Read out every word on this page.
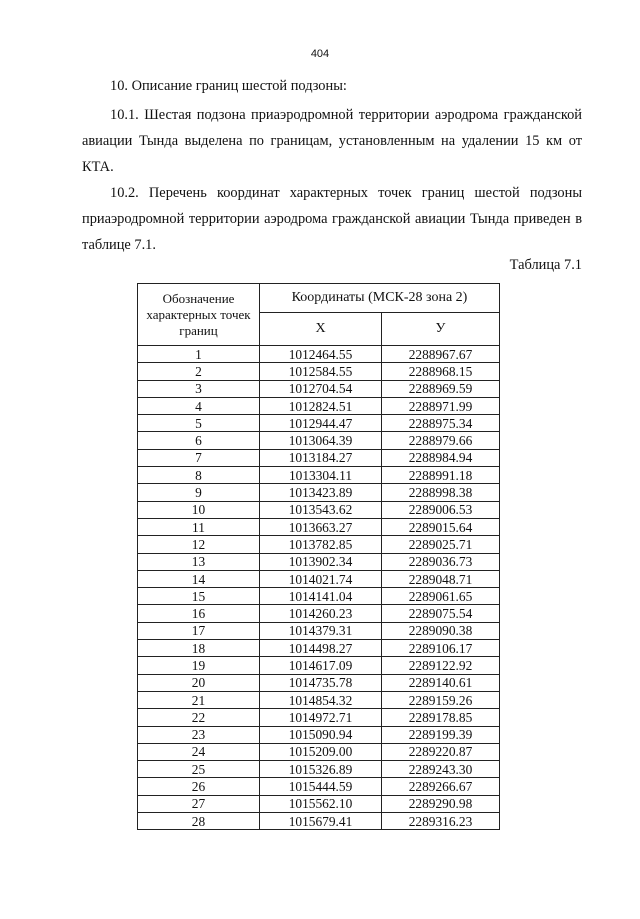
404

10. Описание границ шестой подзоны:

10.1. Шестая подзона приаэродромной территории аэродрома гражданской авиации Тында выделена по границам, установленным на удалении 15 км от КТА.

10.2. Перечень координат характерных точек границ шестой подзоны приаэродромной территории аэродрома гражданской авиации Тында приведен в таблице 7.1.

Таблица 7.1
Обозначение характерных точек границ	Координаты (МСК-28 зона 2)	
	X	У
1	1012464.55	2288967.67
2	1012584.55	2288968.15
3	1012704.54	2288969.59
4	1012824.51	2288971.99
5	1012944.47	2288975.34
6	1013064.39	2288979.66
7	1013184.27	2288984.94
8	1013304.11	2288991.18
9	1013423.89	2288998.38
10	1013543.62	2289006.53
11	1013663.27	2289015.64
12	1013782.85	2289025.71
13	1013902.34	2289036.73
14	1014021.74	2289048.71
15	1014141.04	2289061.65
16	1014260.23	2289075.54
17	1014379.31	2289090.38
18	1014498.27	2289106.17
19	1014617.09	2289122.92
20	1014735.78	2289140.61
21	1014854.32	2289159.26
22	1014972.71	2289178.85
23	1015090.94	2289199.39
24	1015209.00	2289220.87
25	1015326.89	2289243.30
26	1015444.59	2289266.67
27	1015562.10	2289290.98
28	1015679.41	2289316.23
